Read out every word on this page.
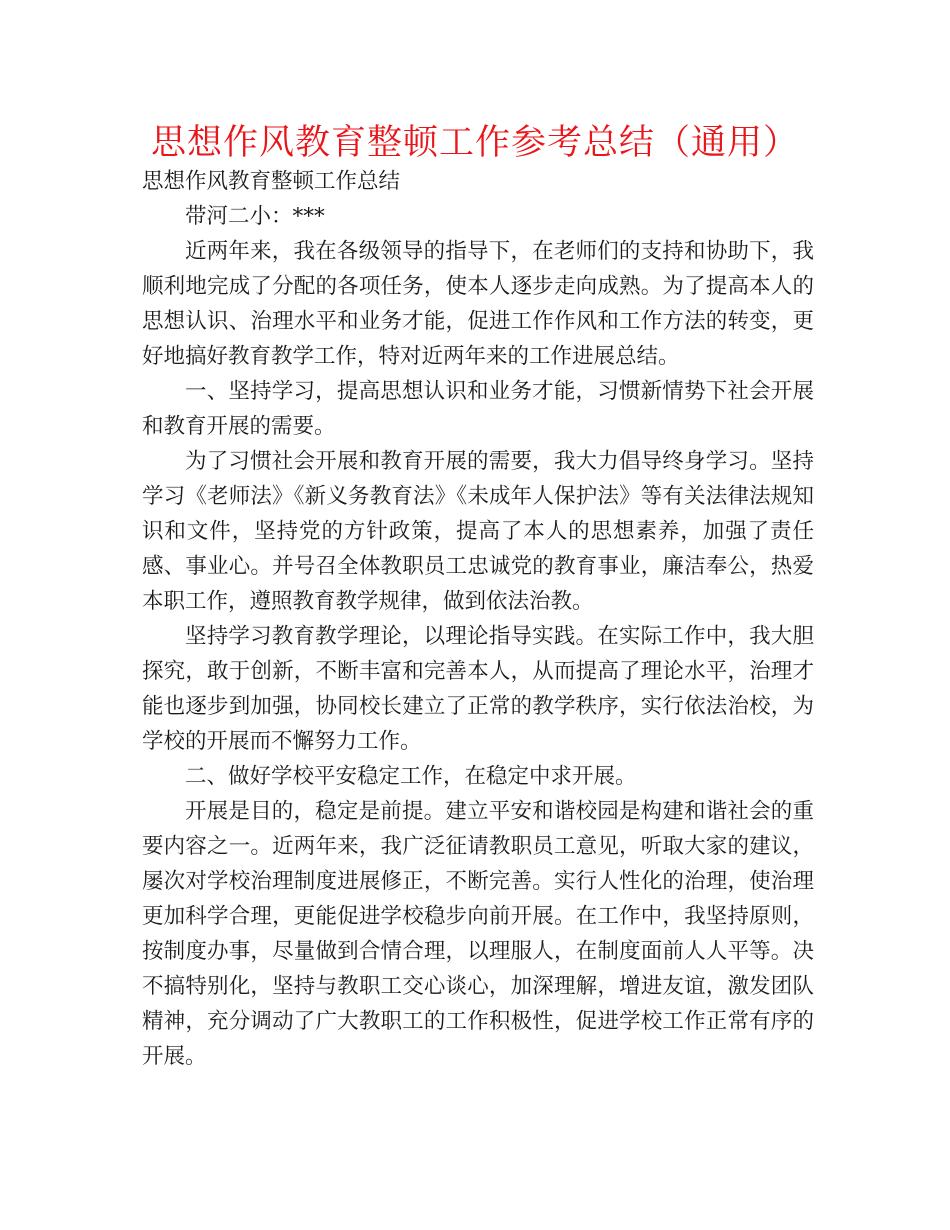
思想作风教育整顿工作参考总结（通用）

思想作风教育整顿工作总结

带河二小：***

近两年来，我在各级领导的指导下，在老师们的支持和协助下，我顺利地完成了分配的各项任务，使本人逐步走向成熟。为了提高本人的思想认识、治理水平和业务才能，促进工作作风和工作方法的转变，更好地搞好教育教学工作，特对近两年来的工作进展总结。

一、坚持学习，提高思想认识和业务才能，习惯新情势下社会开展和教育开展的需要。

为了习惯社会开展和教育开展的需要，我大力倡导终身学习。坚持学习《老师法》《新义务教育法》《未成年人保护法》等有关法律法规知识和文件，坚持党的方针政策，提高了本人的思想素养，加强了责任感、事业心。并号召全体教职员工忠诚党的教育事业，廉洁奉公，热爱本职工作，遵照教育教学规律，做到依法治教。

坚持学习教育教学理论，以理论指导实践。在实际工作中，我大胆探究，敢于创新，不断丰富和完善本人，从而提高了理论水平，治理才能也逐步到加强，协同校长建立了正常的教学秩序，实行依法治校，为学校的开展而不懈努力工作。

二、做好学校平安稳定工作，在稳定中求开展。

开展是目的，稳定是前提。建立平安和谐校园是构建和谐社会的重要内容之一。近两年来，我广泛征请教职员工意见，听取大家的建议，屡次对学校治理制度进展修正，不断完善。实行人性化的治理，使治理更加科学合理，更能促进学校稳步向前开展。在工作中，我坚持原则，按制度办事，尽量做到合情合理，以理服人，在制度面前人人平等。决不搞特别化，坚持与教职工交心谈心，加深理解，增进友谊，激发团队精神，充分调动了广大教职工的工作积极性，促进学校工作正常有序的开展。
